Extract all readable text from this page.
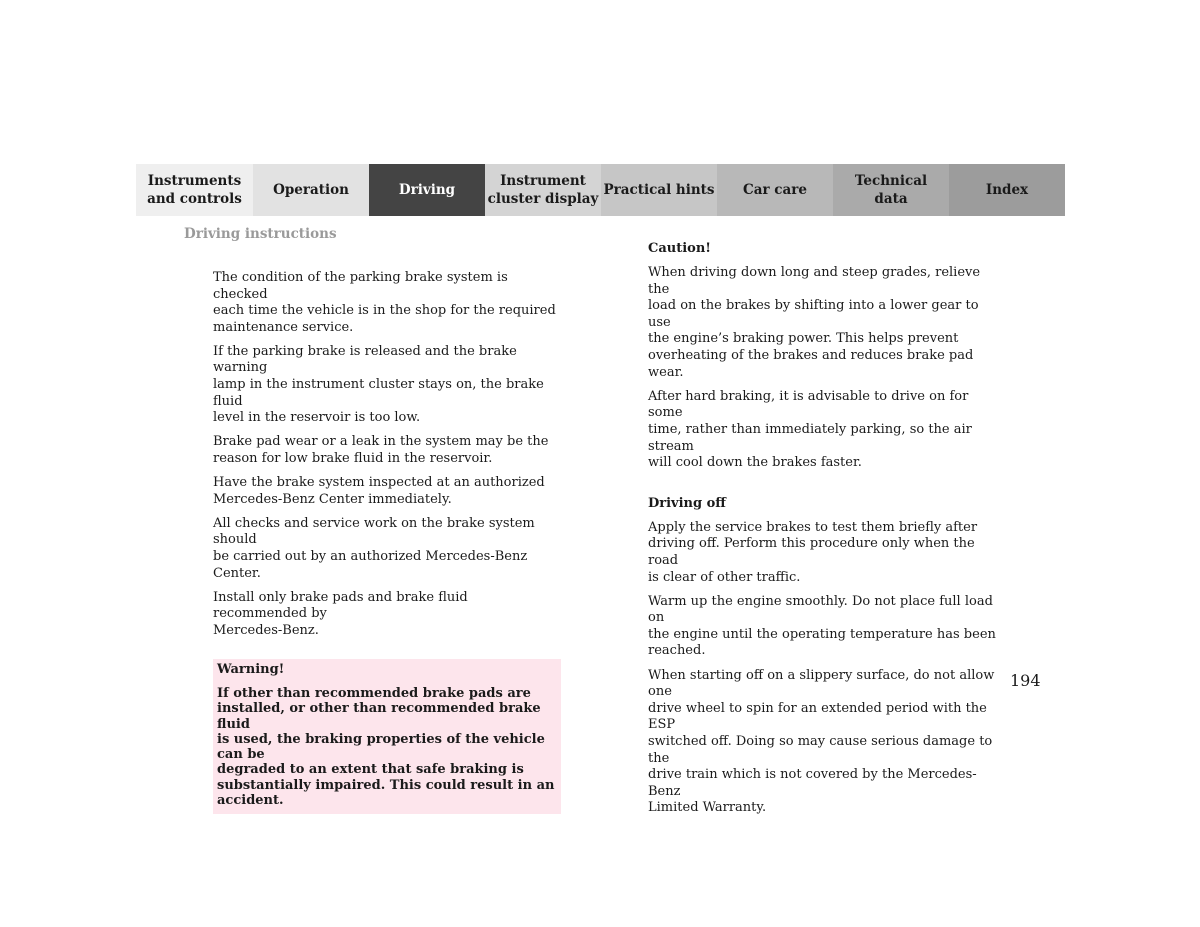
Instruments
and controls
Operation	Driving
Instrument
cluster display
Practical hints	Car care
Technical
data
Index
Driving instructions

The condition of the parking brake system is checked
each time the vehicle is in the shop for the required
maintenance service.

If the parking brake is released and the brake warning
lamp in the instrument cluster stays on, the brake fluid
level in the reservoir is too low.

Brake pad wear or a leak in the system may be the
reason for low brake fluid in the reservoir.

Have the brake system inspected at an authorized
Mercedes-Benz Center immediately.

All checks and service work on the brake system should
be carried out by an authorized Mercedes-Benz Center.

Install only brake pads and brake fluid recommended by
Mercedes-Benz.

Warning!
If other than recommended brake pads are
installed, or other than recommended brake fluid
is used, the braking properties of the vehicle can be
degraded to an extent that safe braking is
substantially impaired. This could result in an
accident.
Caution!

When driving down long and steep grades, relieve the
load on the brakes by shifting into a lower gear to use
the engine’s braking power. This helps prevent
overheating of the brakes and reduces brake pad wear.

After hard braking, it is advisable to drive on for some
time, rather than immediately parking, so the air stream
will cool down the brakes faster.

Driving off

Apply the service brakes to test them briefly after
driving off. Perform this procedure only when the road
is clear of other traffic.

Warm up the engine smoothly. Do not place full load on
the engine until the operating temperature has been
reached.

When starting off on a slippery surface, do not allow one
drive wheel to spin for an extended period with the ESP
switched off. Doing so may cause serious damage to the
drive train which is not covered by the Mercedes-Benz
Limited Warranty.

194
